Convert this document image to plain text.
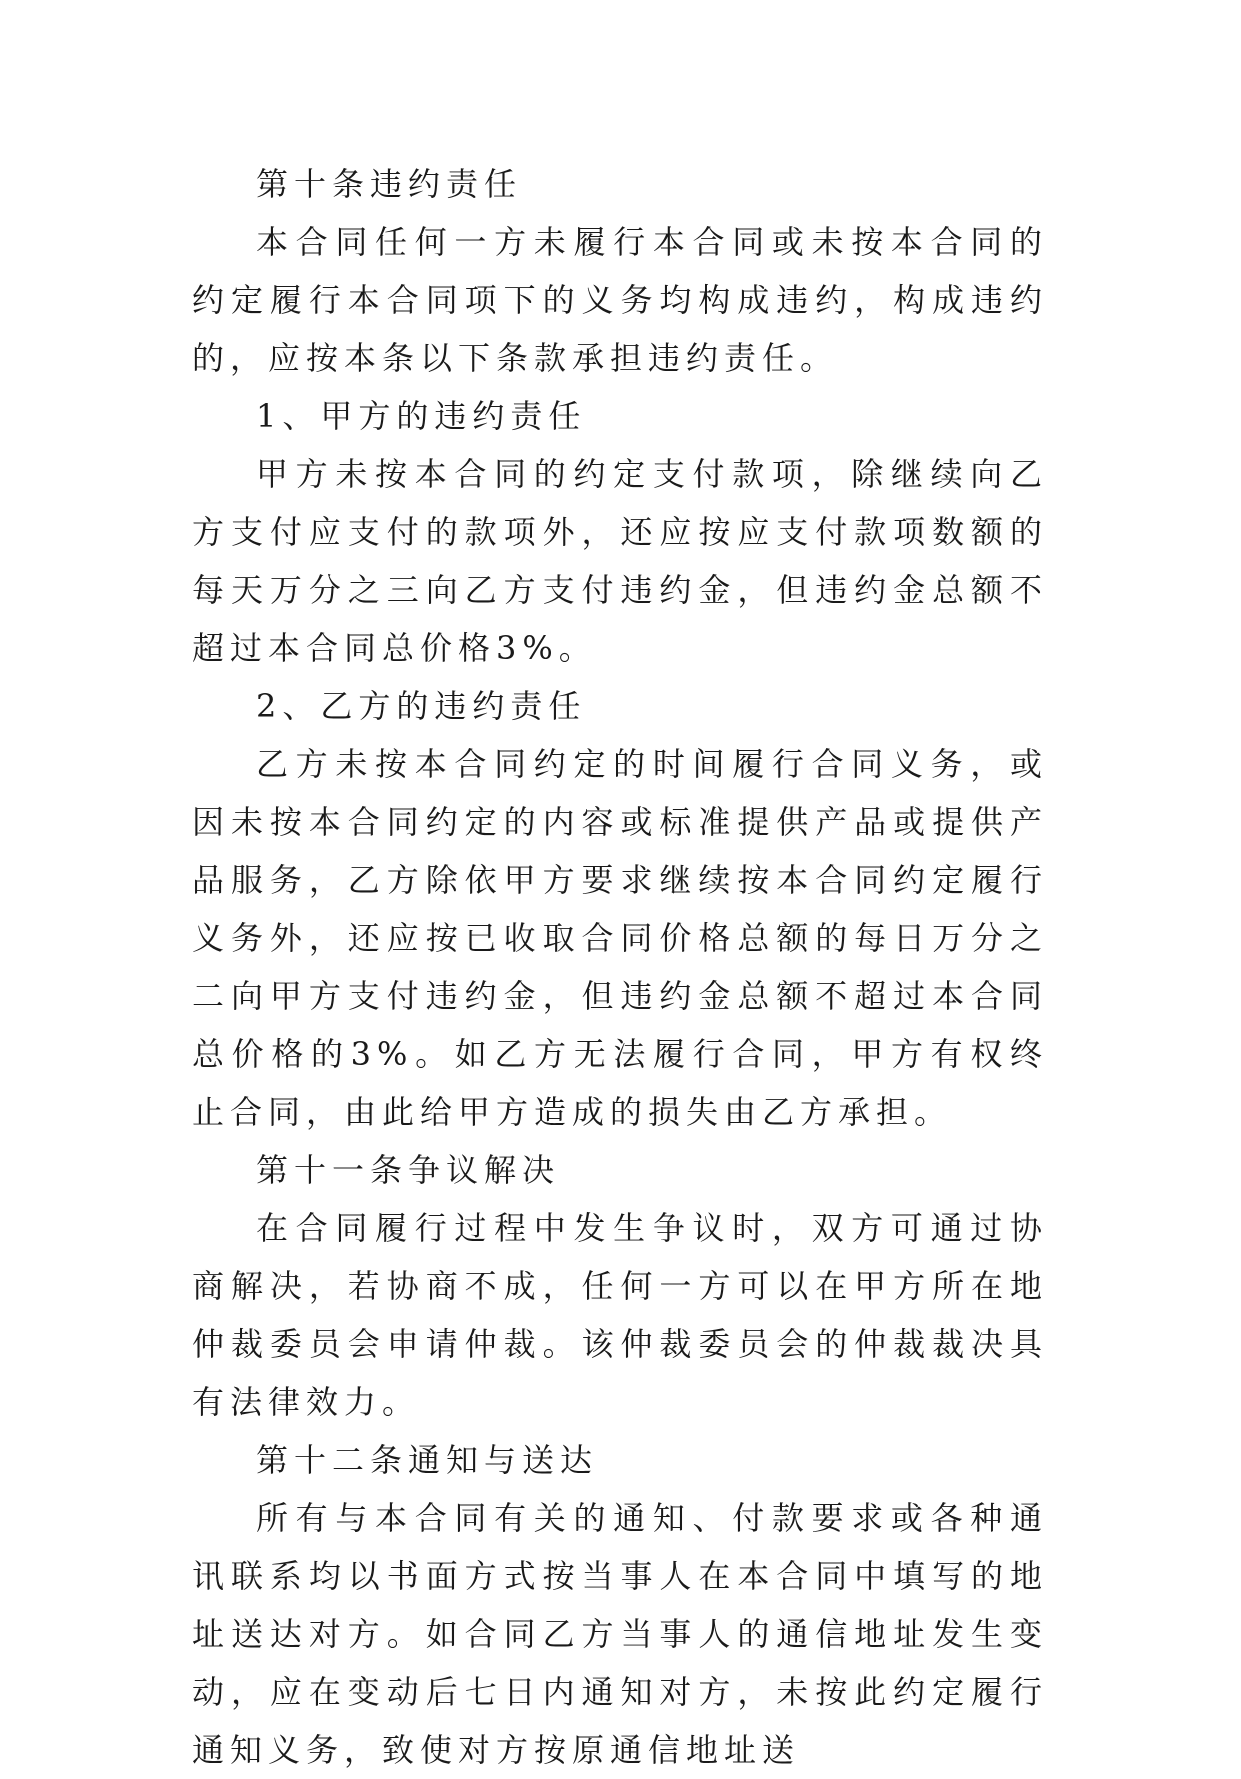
第十条违约责任

本合同任何一方未履行本合同或未按本合同的约定履行本合同项下的义务均构成违约，构成违约的，应按本条以下条款承担违约责任。

1、甲方的违约责任

甲方未按本合同的约定支付款项，除继续向乙方支付应支付的款项外，还应按应支付款项数额的每天万分之三向乙方支付违约金，但违约金总额不超过本合同总价格3%。

2、乙方的违约责任

乙方未按本合同约定的时间履行合同义务，或因未按本合同约定的内容或标准提供产品或提供产品服务，乙方除依甲方要求继续按本合同约定履行义务外，还应按已收取合同价格总额的每日万分之二向甲方支付违约金，但违约金总额不超过本合同总价格的3%。如乙方无法履行合同，甲方有权终止合同，由此给甲方造成的损失由乙方承担。

第十一条争议解决

在合同履行过程中发生争议时，双方可通过协商解决，若协商不成，任何一方可以在甲方所在地仲裁委员会申请仲裁。该仲裁委员会的仲裁裁决具有法律效力。

第十二条通知与送达

所有与本合同有关的通知、付款要求或各种通讯联系均以书面方式按当事人在本合同中填写的地址送达对方。如合同乙方当事人的通信地址发生变动，应在变动后七日内通知对方，未按此约定履行通知义务，致使对方按原通信地址送
